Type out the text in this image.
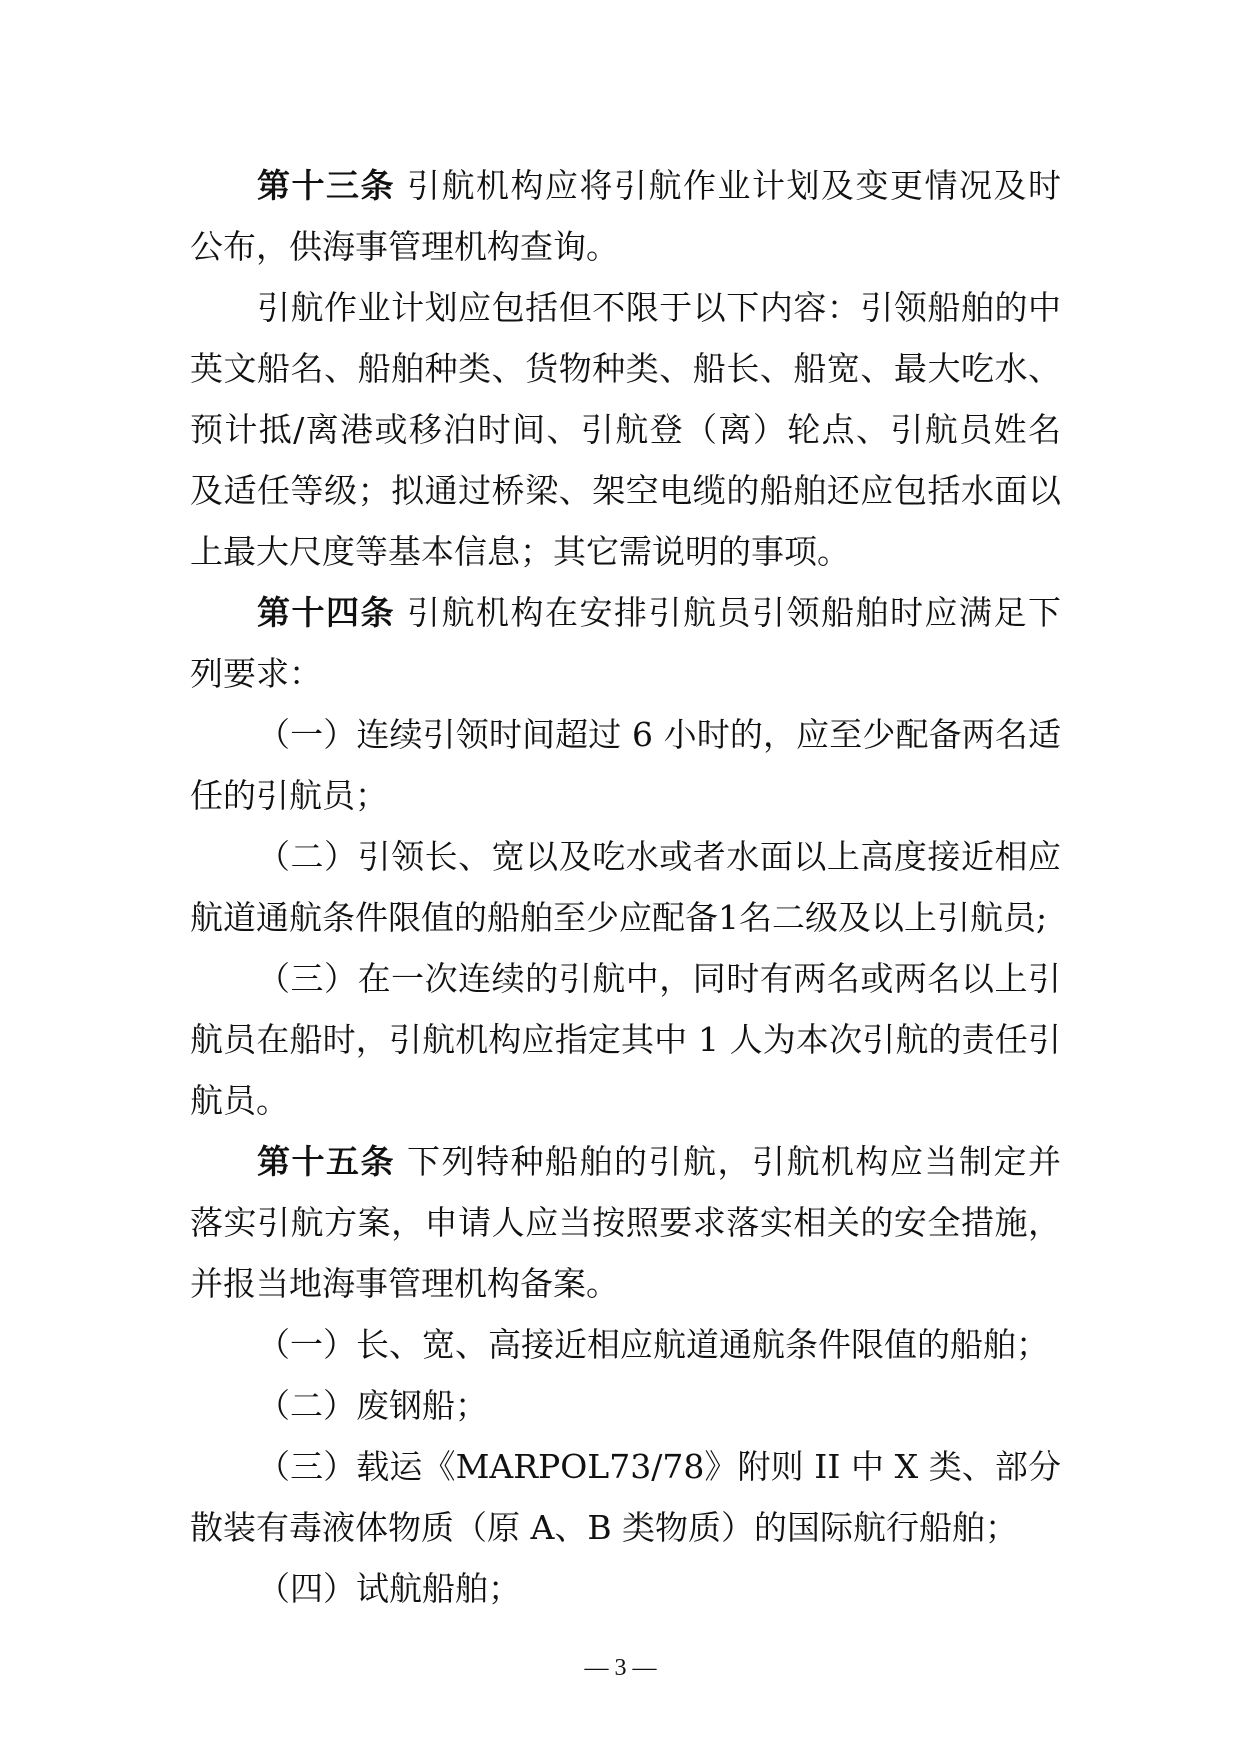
第十三条 引航机构应将引航作业计划及变更情况及时
公布，供海事管理机构查询。
引航作业计划应包括但不限于以下内容：引领船舶的中
英文船名、船舶种类、货物种类、船长、船宽、最大吃水、
预计抵/离港或移泊时间、引航登（离）轮点、引航员姓名
及适任等级；拟通过桥梁、架空电缆的船舶还应包括水面以
上最大尺度等基本信息；其它需说明的事项。
第十四条 引航机构在安排引航员引领船舶时应满足下
列要求：
（一）连续引领时间超过 6 小时的，应至少配备两名适
任的引航员；
（二）引领长、宽以及吃水或者水面以上高度接近相应
航道通航条件限值的船舶至少应配备1名二级及以上引航员;
（三）在一次连续的引航中，同时有两名或两名以上引
航员在船时，引航机构应指定其中 1 人为本次引航的责任引
航员。
第十五条 下列特种船舶的引航，引航机构应当制定并
落实引航方案，申请人应当按照要求落实相关的安全措施，
并报当地海事管理机构备案。
（一）长、宽、高接近相应航道通航条件限值的船舶；
（二）废钢船；
（三）载运《MARPOL73/78》附则 II 中 X 类、部分
散装有毒液体物质（原 A、B 类物质）的国际航行船舶；
（四）试航船舶；
— 3 —
